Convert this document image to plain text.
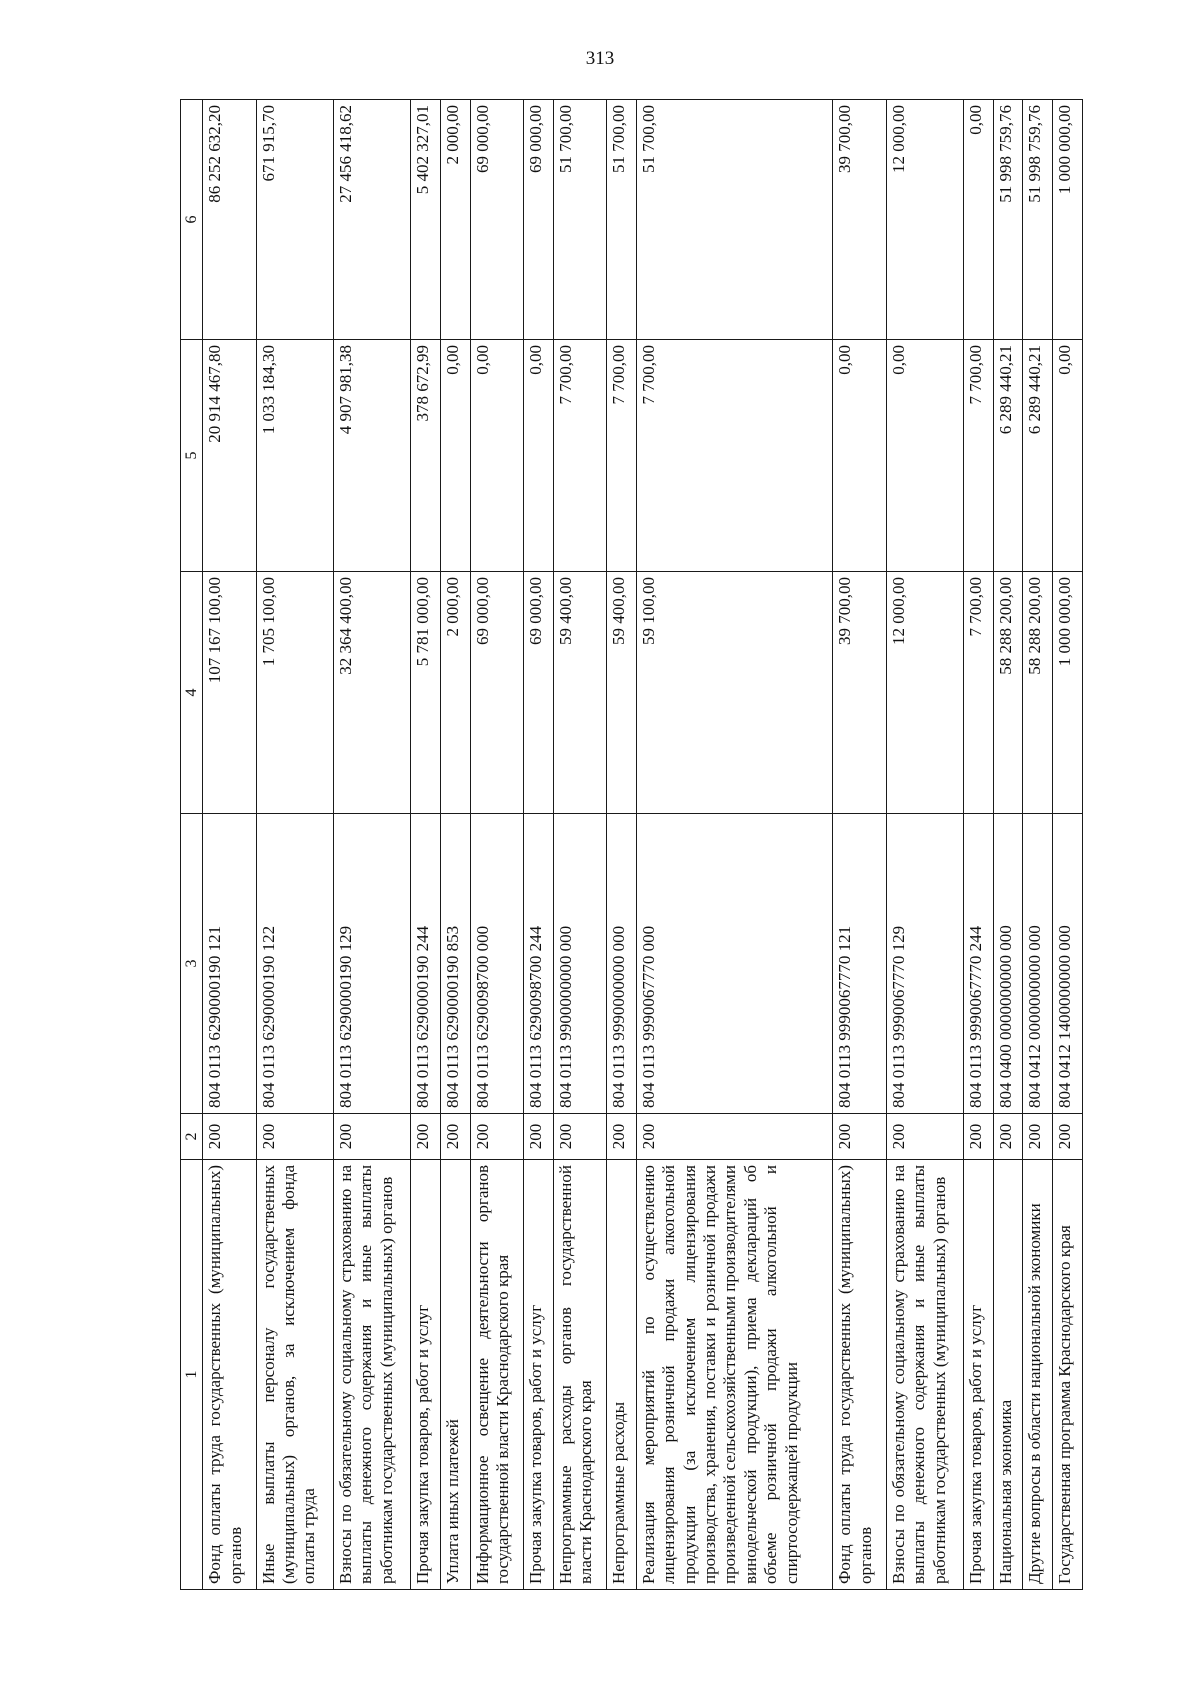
313
1	2	3	4	5	6
Фонд оплаты труда государственных (муниципальных) органов	200	804 0113 6290000190 121	107 167 100,00	20 914 467,80	86 252 632,20
Иные выплаты персоналу государственных (муниципальных) органов, за исключением фонда оплаты труда	200	804 0113 6290000190 122	1 705 100,00	1 033 184,30	671 915,70
Взносы по обязательному социальному страхованию на выплаты денежного содержания и иные выплаты работникам государственных (муниципальных) органов	200	804 0113 6290000190 129	32 364 400,00	4 907 981,38	27 456 418,62
Прочая закупка товаров, работ и услуг	200	804 0113 6290000190 244	5 781 000,00	378 672,99	5 402 327,01
Уплата иных платежей	200	804 0113 6290000190 853	2 000,00	0,00	2 000,00
Информационное освещение деятельности органов государственной власти Краснодарского края	200	804 0113 6290098700 000	69 000,00	0,00	69 000,00
Прочая закупка товаров, работ и услуг	200	804 0113 6290098700 244	69 000,00	0,00	69 000,00
Непрограммные расходы органов государственной власти Краснодарского края	200	804 0113 9900000000 000	59 400,00	7 700,00	51 700,00
Непрограммные расходы	200	804 0113 9990000000 000	59 400,00	7 700,00	51 700,00
Реализация мероприятий по осуществлению лицензирования розничной продажи алкогольной продукции (за исключением лицензирования производства, хранения, поставки и розничной продажи произведенной сельскохозяйственными производителями винодельческой продукции), приема деклараций об объеме розничной продажи алкогольной и спиртосодержащей продукции	200	804 0113 9990067770 000	59 100,00	7 700,00	51 700,00
Фонд оплаты труда государственных (муниципальных) органов	200	804 0113 9990067770 121	39 700,00	0,00	39 700,00
Взносы по обязательному социальному страхованию на выплаты денежного содержания и иные выплаты работникам государственных (муниципальных) органов	200	804 0113 9990067770 129	12 000,00	0,00	12 000,00
Прочая закупка товаров, работ и услуг	200	804 0113 9990067770 244	7 700,00	7 700,00	0,00
Национальная экономика	200	804 0400 0000000000 000	58 288 200,00	6 289 440,21	51 998 759,76
Другие вопросы в области национальной экономики	200	804 0412 0000000000 000	58 288 200,00	6 289 440,21	51 998 759,76
Государственная программа Краснодарского края	200	804 0412 1400000000 000	1 000 000,00	0,00	1 000 000,00
